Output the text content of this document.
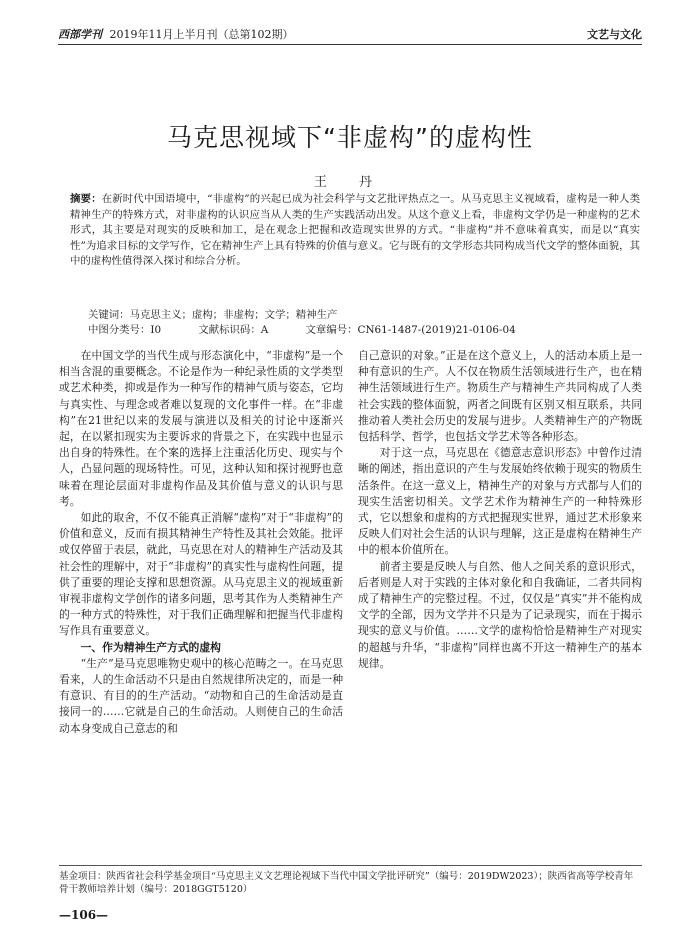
西部学刊 2019年11月上半月刊（总第102期）	文艺与文化
马克思视域下“非虚构”的虚构性
王 丹
摘要：在新时代中国语境中，“非虚构”的兴起已成为社会科学与文艺批评热点之一。从马克思主义视域看，虚构是一种人类精神生产的特殊方式，对非虚构的认识应当从人类的生产实践活动出发。从这个意义上看，非虚构文学仍是一种虚构的艺术形式，其主要是对现实的反映和加工，是在观念上把握和改造现实世界的方式。“非虚构”并不意味着真实，而是以“真实性”为追求目标的文学写作，它在精神生产上具有特殊的价值与意义。它与既有的文学形态共同构成当代文学的整体面貌，其中的虚构性值得深入探讨和综合分析。
关键词：马克思主义；虚构；非虚构；文学；精神生产
中图分类号：I0	文献标识码：A	文章编号：CN61-1487-(2019)21-0106-04

在中国文学的当代生成与形态演化中，“非虚构”是一个相当含混的重要概念。不论是作为一种纪录性质的文学类型或艺术种类，抑或是作为一种写作的精神气质与姿态，它均与真实性、与理念或者难以复现的文化事件一样。在“非虚构”在21世纪以来的发展与演进以及相关的讨论中逐渐兴起，在以紧扣现实为主要诉求的背景之下，在实践中也显示出自身的特殊性。在个案的选择上注重活化历史、现实与个人，凸显问题的现场特性。可见，这种认知和探讨视野也意味着在理论层面对非虚构作品及其价值与意义的认识与思考。

如此的取舍，不仅不能真正消解“虚构”对于“非虚构”的价值和意义，反而有损其精神生产特性及其社会效能。批评或仅停留于表层，就此，马克思在对人的精神生产活动及其社会性的理解中，对于“非虚构”的真实性与虚构性问题，提供了重要的理论支撑和思想资源。从马克思主义的视域重新审视非虚构文学创作的诸多问题，思考其作为人类精神生产的一种方式的特殊性，对于我们正确理解和把握当代非虚构写作具有重要意义。

一、作为精神生产方式的虚构

“生产”是马克思唯物史观中的核心范畴之一。在马克思看来，人的生命活动不只是由自然规律所决定的，而是一种有意识、有目的的生产活动。“动物和自己的生命活动是直接同一的……它就是自己的生命活动。人则使自己的生命活动本身变成自己意志的和

自己意识的对象。”正是在这个意义上，人的活动本质上是一种有意识的生产。人不仅在物质生活领域进行生产，也在精神生活领域进行生产。物质生产与精神生产共同构成了人类社会实践的整体面貌，两者之间既有区别又相互联系，共同推动着人类社会历史的发展与进步。人类精神生产的产物既包括科学、哲学，也包括文学艺术等各种形态。

对于这一点，马克思在《德意志意识形态》中曾作过清晰的阐述，指出意识的产生与发展始终依赖于现实的物质生活条件。在这一意义上，精神生产的对象与方式都与人们的现实生活密切相关。文学艺术作为精神生产的一种特殊形式，它以想象和虚构的方式把握现实世界，通过艺术形象来反映人们对社会生活的认识与理解，这正是虚构在精神生产中的根本价值所在。

前者主要是反映人与自然、他人之间关系的意识形式，后者则是人对于实践的主体对象化和自我确证，二者共同构成了精神生产的完整过程。不过，仅仅是“真实”并不能构成文学的全部，因为文学并不只是为了记录现实，而在于揭示现实的意义与价值。……文学的虚构恰恰是精神生产对现实的超越与升华，“非虚构”同样也离不开这一精神生产的基本规律。

基金项目：陕西省社会科学基金项目“马克思主义文艺理论视域下当代中国文学批评研究”（编号：2019DW2023）；陕西省高等学校青年骨干教师培养计划（编号：2018GGT5120）
—106—
